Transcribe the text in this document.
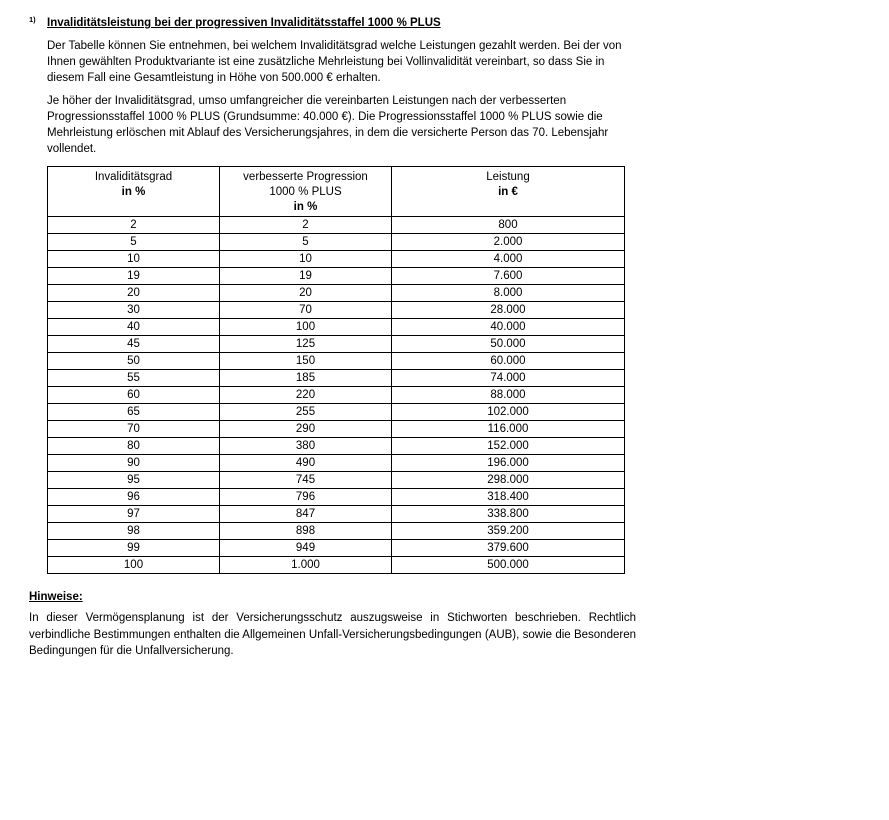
1) Invaliditätsleistung bei der progressiven Invaliditätsstaffel 1000 % PLUS

Der Tabelle können Sie entnehmen, bei welchem Invaliditätsgrad welche Leistungen gezahlt werden. Bei der von Ihnen gewählten Produktvariante ist eine zusätzliche Mehrleistung bei Vollinvalidität vereinbart, so dass Sie in diesem Fall eine Gesamtleistung in Höhe von 500.000 € erhalten.

Je höher der Invaliditätsgrad, umso umfangreicher die vereinbarten Leistungen nach der verbesserten Progressionsstaffel 1000 % PLUS (Grundsumme: 40.000 €). Die Progressionsstaffel 1000 % PLUS sowie die Mehrleistung erlöschen mit Ablauf des Versicherungsjahres, in dem die versicherte Person das 70. Lebensjahr vollendet.

Invaliditätsgrad
in %

verbesserte Progression
1000 % PLUS
in %

Leistung
in €

2	2	800
5	5	2.000
10	10	4.000
19	19	7.600
20	20	8.000
30	70	28.000
40	100	40.000
45	125	50.000
50	150	60.000
55	185	74.000
60	220	88.000
65	255	102.000
70	290	116.000
80	380	152.000
90	490	196.000
95	745	298.000
96	796	318.400
97	847	338.800
98	898	359.200
99	949	379.600
100	1.000	500.000
Hinweise:

In dieser Vermögensplanung ist der Versicherungsschutz auszugsweise in Stichworten beschrieben. Rechtlich verbindliche Bestimmungen enthalten die Allgemeinen Unfall-Versicherungsbedingungen (AUB), sowie die Besonderen Bedingungen für die Unfallversicherung.
